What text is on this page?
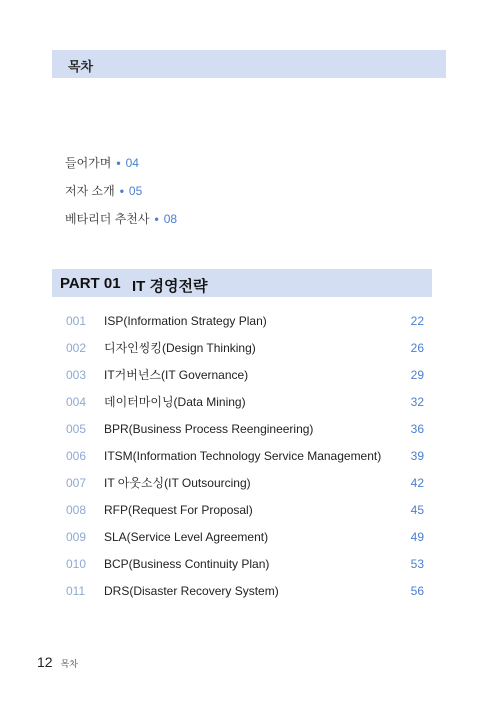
목차
들어가며 • 04
저자 소개 • 05
베타리더 추천사 • 08
PART 01 IT 경영전략
001 ISP(Information Strategy Plan)	22
002 디자인씽킹(Design Thinking)	26
003 IT거버넌스(IT Governance)	29
004 데이터마이닝(Data Mining)	32
005 BPR(Business Process Reengineering)	36
006 ITSM(Information Technology Service Management) 39
007 IT 아웃소싱(IT Outsourcing)	42
008 RFP(Request For Proposal)	45
009 SLA(Service Level Agreement)	49
010 BCP(Business Continuity Plan)	53
011 DRS(Disaster Recovery System)	56
12 목차
